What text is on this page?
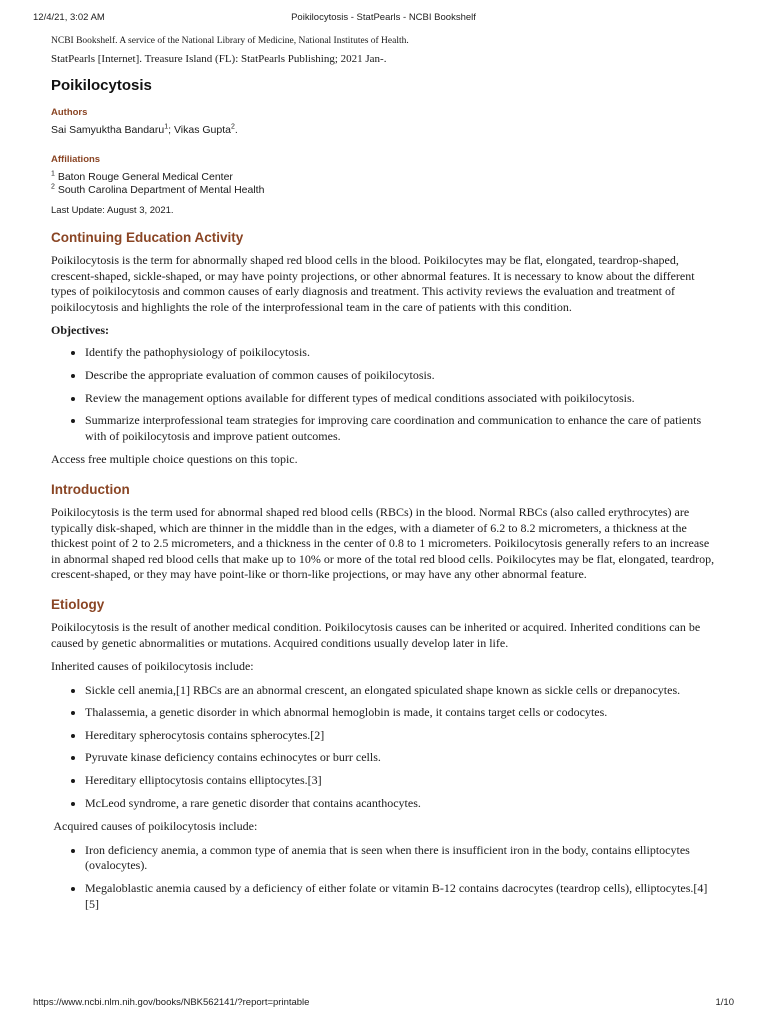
12/4/21, 3:02 AM	Poikilocytosis - StatPearls - NCBI Bookshelf

NCBI Bookshelf. A service of the National Library of Medicine, National Institutes of Health.

StatPearls [Internet]. Treasure Island (FL): StatPearls Publishing; 2021 Jan-.

Poikilocytosis

Authors

Sai Samyuktha Bandaru$^1$; Vikas Gupta$^2$.

Affiliations

$^1$ Baton Rouge General Medical Center

$^2$ South Carolina Department of Mental Health

Last Update: August 3, 2021.

Continuing Education Activity

Poikilocytosis is the term for abnormally shaped red blood cells in the blood. Poikilocytes may be flat, elongated, teardrop-shaped, crescent-shaped, sickle-shaped, or may have pointy projections, or other abnormal features. It is necessary to know about the different types of poikilocytosis and common causes of early diagnosis and treatment. This activity reviews the evaluation and treatment of poikilocytosis and highlights the role of the interprofessional team in the care of patients with this condition.

Objectives:

• Identify the pathophysiology of poikilocytosis.
• Describe the appropriate evaluation of common causes of poikilocytosis.
• Review the management options available for different types of medical conditions associated with poikilocytosis.
• Summarize interprofessional team strategies for improving care coordination and communication to enhance the care of patients with of poikilocytosis and improve patient outcomes.

Access free multiple choice questions on this topic.

Introduction

Poikilocytosis is the term used for abnormal shaped red blood cells (RBCs) in the blood. Normal RBCs (also called erythrocytes) are typically disk-shaped, which are thinner in the middle than in the edges, with a diameter of 6.2 to 8.2 micrometers, a thickness at the thickest point of 2 to 2.5 micrometers, and a thickness in the center of 0.8 to 1 micrometers. Poikilocytosis generally refers to an increase in abnormal shaped red blood cells that make up to 10% or more of the total red blood cells. Poikilocytes may be flat, elongated, teardrop, crescent-shaped, or they may have point-like or thorn-like projections, or may have any other abnormal feature.

Etiology

Poikilocytosis is the result of another medical condition. Poikilocytosis causes can be inherited or acquired. Inherited conditions can be caused by genetic abnormalities or mutations. Acquired conditions usually develop later in life.

Inherited causes of poikilocytosis include:

• Sickle cell anemia,[1] RBCs are an abnormal crescent, an elongated spiculated shape known as sickle cells or drepanocytes.
• Thalassemia, a genetic disorder in which abnormal hemoglobin is made, it contains target cells or codocytes.
• Hereditary spherocytosis contains spherocytes.[2]
• Pyruvate kinase deficiency contains echinocytes or burr cells.
• Hereditary elliptocytosis contains elliptocytes.[3]
• McLeod syndrome, a rare genetic disorder that contains acanthocytes.

Acquired causes of poikilocytosis include:

• Iron deficiency anemia, a common type of anemia that is seen when there is insufficient iron in the body, contains elliptocytes (ovalocytes).
• Megaloblastic anemia caused by a deficiency of either folate or vitamin B-12 contains dacrocytes (teardrop cells), elliptocytes.[4][5]
https://www.ncbi.nlm.nih.gov/books/NBK562141/?report=printable	1/10
